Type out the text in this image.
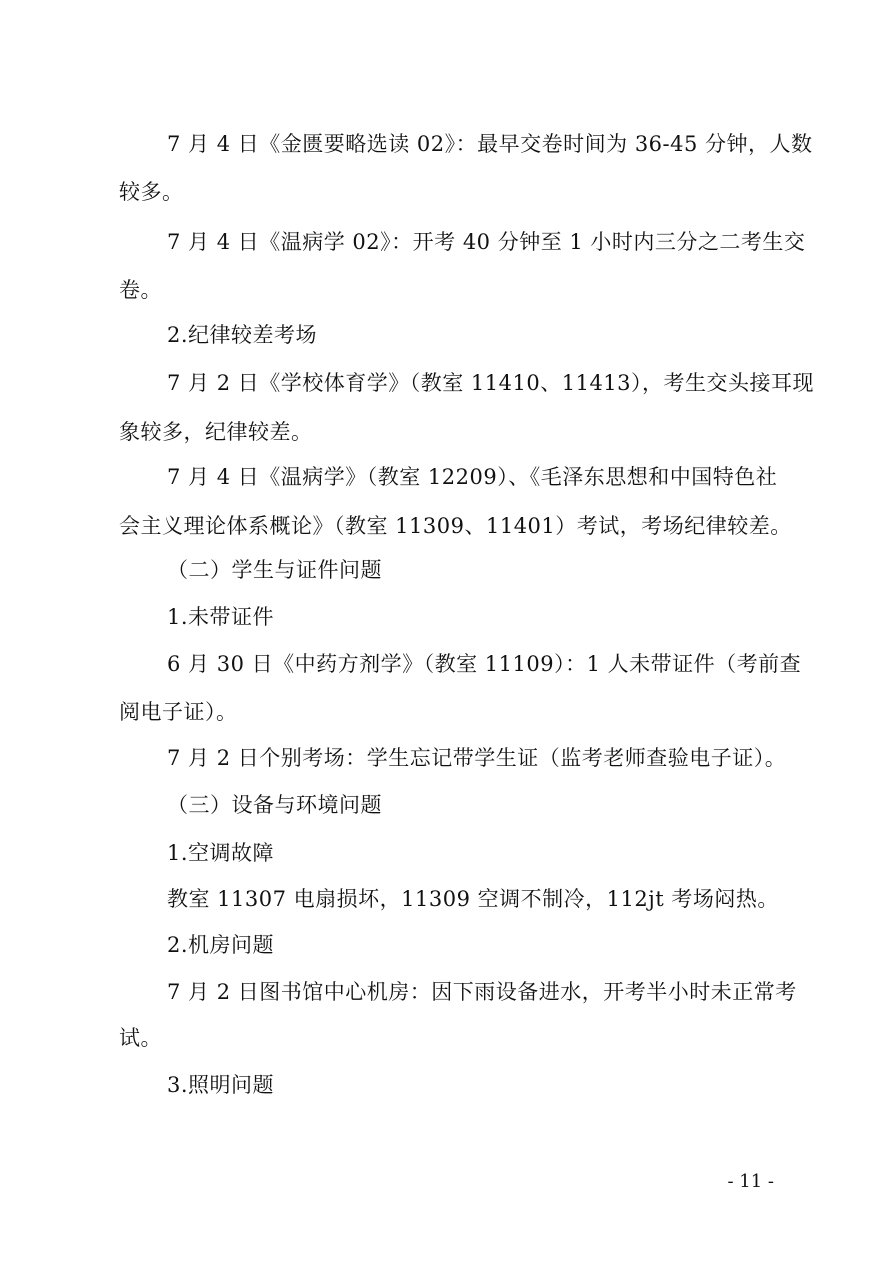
7 月 4 日《金匮要略选读 02》：最早交卷时间为 36-45 分钟，人数
较多。
7 月 4 日《温病学 02》：开考 40 分钟至 1 小时内三分之二考生交
卷。
2.纪律较差考场
7 月 2 日《学校体育学》（教室 11410、11413），考生交头接耳现
象较多，纪律较差。
7 月 4 日《温病学》（教室 12209）、《毛泽东思想和中国特色社
会主义理论体系概论》（教室 11309、11401）考试，考场纪律较差。
（二）学生与证件问题
1.未带证件
6 月 30 日《中药方剂学》（教室 11109）：1 人未带证件（考前查
阅电子证）。
7 月 2 日个别考场：学生忘记带学生证（监考老师查验电子证）。
（三）设备与环境问题
1.空调故障
教室 11307 电扇损坏，11309 空调不制冷，112jt 考场闷热。
2.机房问题
7 月 2 日图书馆中心机房：因下雨设备进水，开考半小时未正常考
试。
3.照明问题
- 11 -
